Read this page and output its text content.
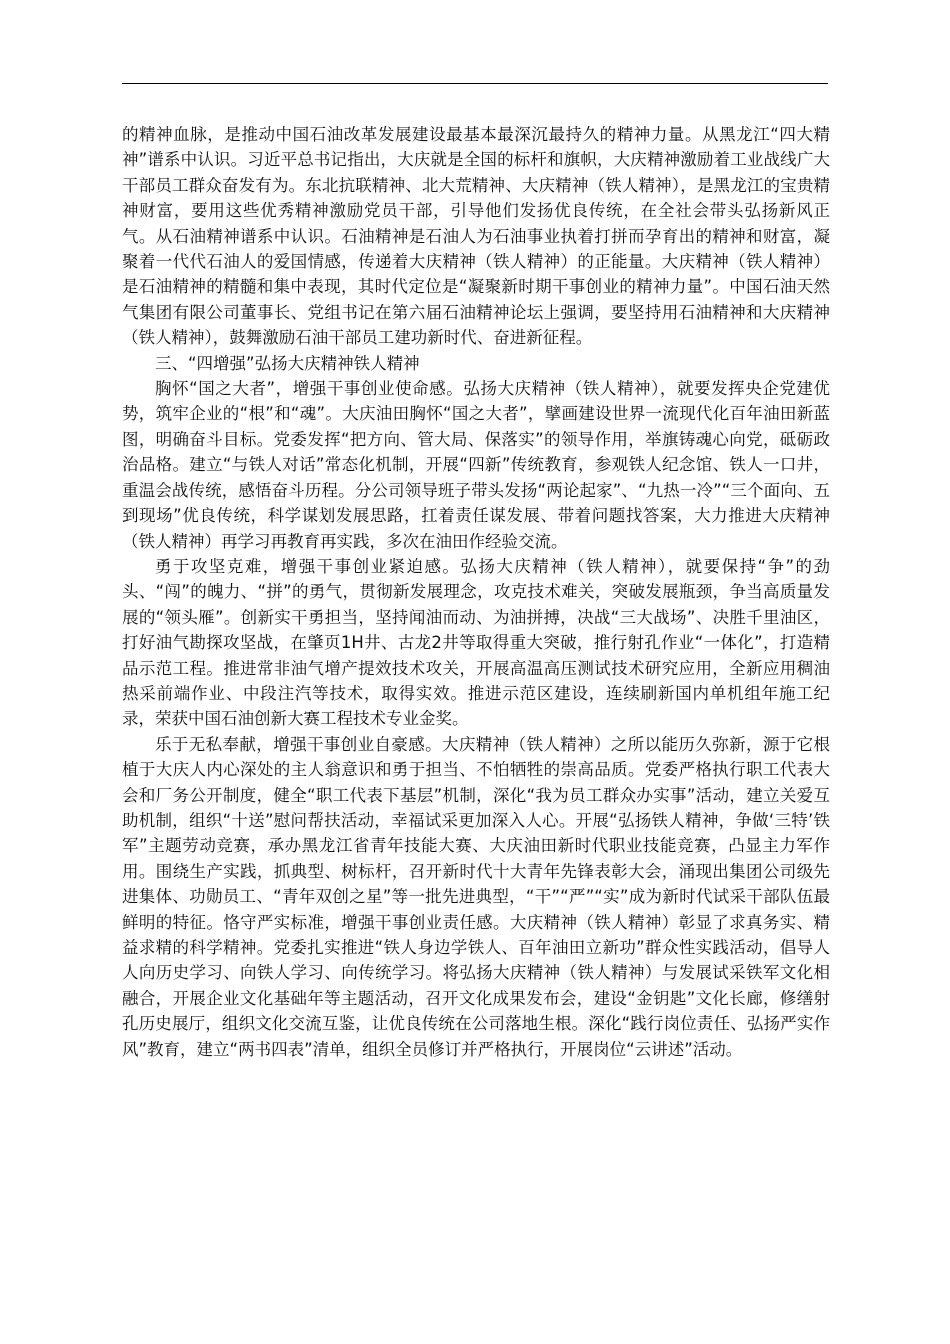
的精神血脉，是推动中国石油改革发展建设最基本最深沉最持久的精神力量。从黑龙江“四大精神”谱系中认识。习近平总书记指出，大庆就是全国的标杆和旗帜，大庆精神激励着工业战线广大干部员工群众奋发有为。东北抗联精神、北大荒精神、大庆精神（铁人精神），是黑龙江的宝贵精神财富，要用这些优秀精神激励党员干部，引导他们发扬优良传统，在全社会带头弘扬新风正气。从石油精神谱系中认识。石油精神是石油人为石油事业执着打拼而孕育出的精神和财富，凝聚着一代代石油人的爱国情感，传递着大庆精神（铁人精神）的正能量。大庆精神（铁人精神）是石油精神的精髓和集中表现，其时代定位是“凝聚新时期干事创业的精神力量”。中国石油天然气集团有限公司董事长、党组书记在第六届石油精神论坛上强调，要坚持用石油精神和大庆精神（铁人精神），鼓舞激励石油干部员工建功新时代、奋进新征程。

三、“四增强”弘扬大庆精神铁人精神

胸怀“国之大者”，增强干事创业使命感。弘扬大庆精神（铁人精神），就要发挥央企党建优势，筑牢企业的“根”和“魂”。大庆油田胸怀“国之大者”，擘画建设世界一流现代化百年油田新蓝图，明确奋斗目标。党委发挥“把方向、管大局、保落实”的领导作用，举旗铸魂心向党，砥砺政治品格。建立“与铁人对话”常态化机制，开展“四新”传统教育，参观铁人纪念馆、铁人一口井，重温会战传统，感悟奋斗历程。分公司领导班子带头发扬“两论起家”、“九热一冷”“三个面向、五到现场”优良传统，科学谋划发展思路，扛着责任谋发展、带着问题找答案，大力推进大庆精神（铁人精神）再学习再教育再实践，多次在油田作经验交流。

勇于攻坚克难，增强干事创业紧迫感。弘扬大庆精神（铁人精神），就要保持“争”的劲头、“闯”的魄力、“拼”的勇气，贯彻新发展理念，攻克技术难关，突破发展瓶颈，争当高质量发展的“领头雁”。创新实干勇担当，坚持闻油而动、为油拼搏，决战“三大战场”、决胜千里油区，打好油气勘探攻坚战，在肇页1H井、古龙2井等取得重大突破，推行射孔作业“一体化”，打造精品示范工程。推进常非油气增产提效技术攻关，开展高温高压测试技术研究应用，全新应用稠油热采前端作业、中段注汽等技术，取得实效。推进示范区建设，连续刷新国内单机组年施工纪录，荣获中国石油创新大赛工程技术专业金奖。

乐于无私奉献，增强干事创业自豪感。大庆精神（铁人精神）之所以能历久弥新，源于它根植于大庆人内心深处的主人翁意识和勇于担当、不怕牺牲的崇高品质。党委严格执行职工代表大会和厂务公开制度，健全“职工代表下基层”机制，深化“我为员工群众办实事”活动，建立关爱互助机制，组织“十送”慰问帮扶活动，幸福试采更加深入人心。开展“弘扬铁人精神，争做‘三特’铁军”主题劳动竞赛，承办黑龙江省青年技能大赛、大庆油田新时代职业技能竞赛，凸显主力军作用。围绕生产实践，抓典型、树标杆，召开新时代十大青年先锋表彰大会，涌现出集团公司级先进集体、功勋员工、“青年双创之星”等一批先进典型，“干”“严”“实”成为新时代试采干部队伍最鲜明的特征。恪守严实标准，增强干事创业责任感。大庆精神（铁人精神）彰显了求真务实、精益求精的科学精神。党委扎实推进“铁人身边学铁人、百年油田立新功”群众性实践活动，倡导人人向历史学习、向铁人学习、向传统学习。将弘扬大庆精神（铁人精神）与发展试采铁军文化相融合，开展企业文化基础年等主题活动，召开文化成果发布会，建设“金钥匙”文化长廊，修缮射孔历史展厅，组织文化交流互鉴，让优良传统在公司落地生根。深化“践行岗位责任、弘扬严实作风”教育，建立“两书四表”清单，组织全员修订并严格执行，开展岗位“云讲述”活动。
